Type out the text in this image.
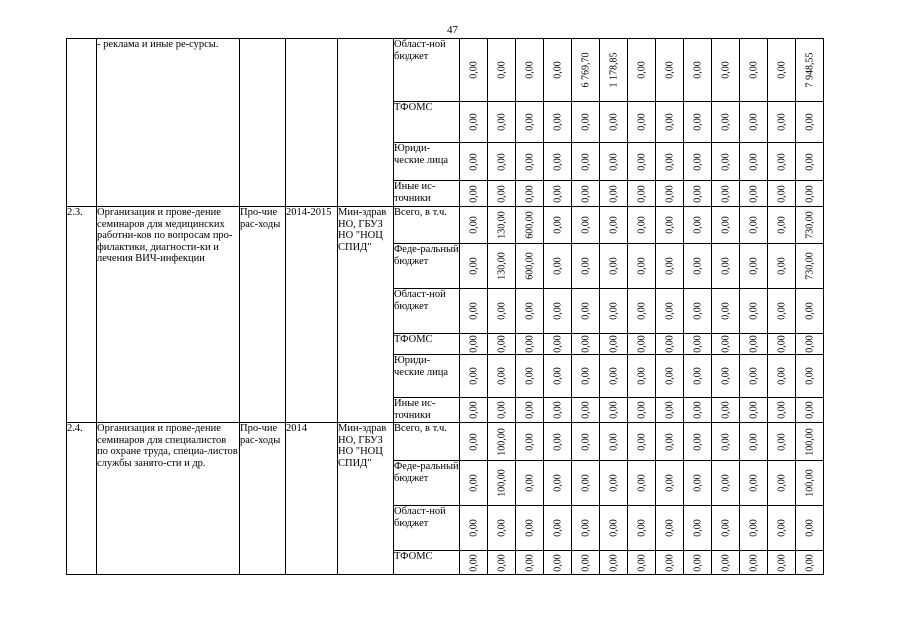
47
	- реклама и иные ре-сурсы.				Област-ной бюджет	0,00	0,00	0,00	0,00	6 769,70	1 178,85	0,00	0,00	0,00	0,00	0,00	0,00	7 948,55

					ТФОМС	0,00	0,00	0,00	0,00	0,00	0,00	0,00	0,00	0,00	0,00	0,00	0,00	0,00

					Юриди-ческие лица	0,00	0,00	0,00	0,00	0,00	0,00	0,00	0,00	0,00	0,00	0,00	0,00	0,00

					Иные ис-точники	0,00	0,00	0,00	0,00	0,00	0,00	0,00	0,00	0,00	0,00	0,00	0,00	0,00

2.3.	Организация и прове-дение семинаров для медицинских работни-ков по вопросам про-филактики, диагности-ки и лечения ВИЧ-инфекции	Про-чие рас-ходы	2014-2015	Мин-здрав НО, ГБУЗ НО "НОЦ СПИД"	Всего, в т.ч.	0,00	130,00	600,00	0,00	0,00	0,00	0,00	0,00	0,00	0,00	0,00	0,00	730,00

					Феде-ральный бюджет	0,00	130,00	600,00	0,00	0,00	0,00	0,00	0,00	0,00	0,00	0,00	0,00	730,00

					Област-ной бюджет	0,00	0,00	0,00	0,00	0,00	0,00	0,00	0,00	0,00	0,00	0,00	0,00	0,00

					ТФОМС	0,00	0,00	0,00	0,00	0,00	0,00	0,00	0,00	0,00	0,00	0,00	0,00	0,00

					Юриди-ческие лица	0,00	0,00	0,00	0,00	0,00	0,00	0,00	0,00	0,00	0,00	0,00	0,00	0,00

					Иные ис-точники	0,00	0,00	0,00	0,00	0,00	0,00	0,00	0,00	0,00	0,00	0,00	0,00	0,00

2.4.	Организация и прове-дение семинаров для специалистов по охране труда, специа-листов службы занято-сти и др.	Про-чие рас-ходы	2014	Мин-здрав НО, ГБУЗ НО "НОЦ СПИД"	Всего, в т.ч.	0,00	100,00	0,00	0,00	0,00	0,00	0,00	0,00	0,00	0,00	0,00	0,00	100,00

					Феде-ральный бюджет	0,00	100,00	0,00	0,00	0,00	0,00	0,00	0,00	0,00	0,00	0,00	0,00	100,00

					Област-ной бюджет	0,00	0,00	0,00	0,00	0,00	0,00	0,00	0,00	0,00	0,00	0,00	0,00	0,00

					ТФОМС	0,00	0,00	0,00	0,00	0,00	0,00	0,00	0,00	0,00	0,00	0,00	0,00	0,00
